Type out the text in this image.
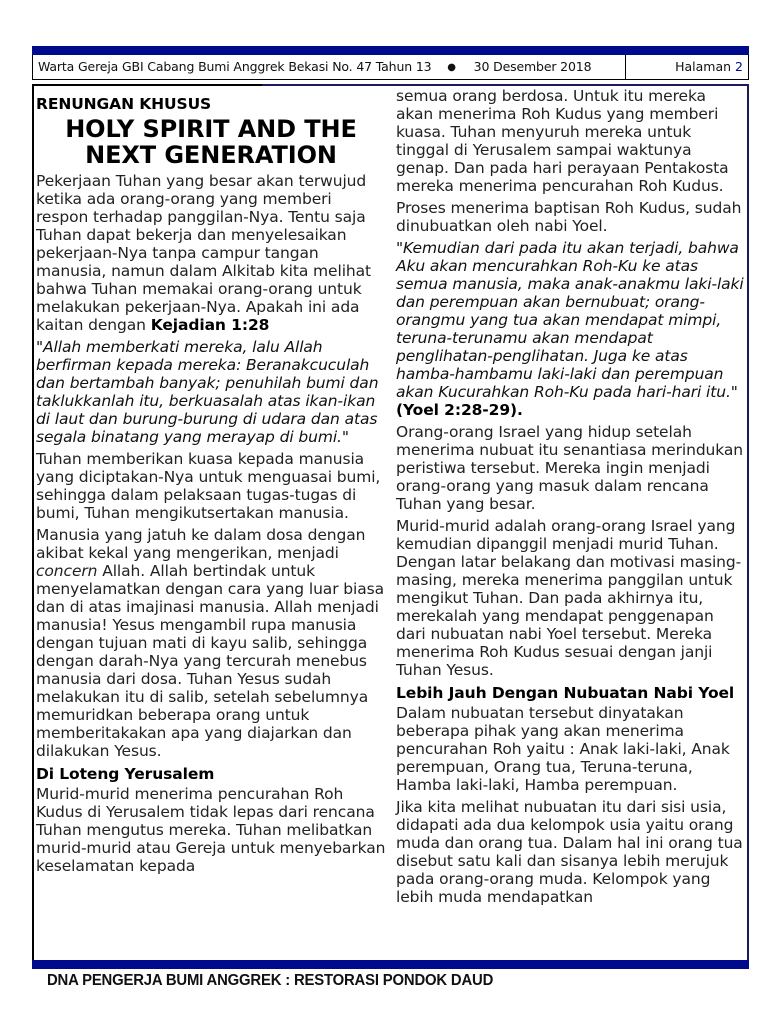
Warta Gereja GBI Cabang Bumi Anggrek Bekasi No. 47 Tahun 13 ● 30 Desember 2018	Halaman 2
RENUNGAN KHUSUS
HOLY SPIRIT AND THE
NEXT GENERATION

Pekerjaan Tuhan yang besar akan terwujud ketika ada orang-orang yang memberi respon terhadap panggilan-Nya. Tentu saja Tuhan dapat bekerja dan menyelesaikan pekerjaan-Nya tanpa campur tangan manusia, namun dalam Alkitab kita melihat bahwa Tuhan memakai orang-orang untuk melakukan pekerjaan-Nya. Apakah ini ada kaitan dengan Kejadian 1:28

"Allah memberkati mereka, lalu Allah berfirman kepada mereka: Beranakcuculah dan bertambah banyak; penuhilah bumi dan taklukkanlah itu, berkuasalah atas ikan-ikan di laut dan burung-burung di udara dan atas segala binatang yang merayap di bumi."

Tuhan memberikan kuasa kepada manusia yang diciptakan-Nya untuk menguasai bumi, sehingga dalam pelaksaan tugas-tugas di bumi, Tuhan mengikutsertakan manusia.

Manusia yang jatuh ke dalam dosa dengan akibat kekal yang mengerikan, menjadi concern Allah. Allah bertindak untuk menyelamatkan dengan cara yang luar biasa dan di atas imajinasi manusia. Allah menjadi manusia! Yesus mengambil rupa manusia dengan tujuan mati di kayu salib, sehingga dengan darah-Nya yang tercurah menebus manusia dari dosa. Tuhan Yesus sudah melakukan itu di salib, setelah sebelumnya memuridkan beberapa orang untuk memberitakakan apa yang diajarkan dan dilakukan Yesus.

Di Loteng Yerusalem

Murid-murid menerima pencurahan Roh Kudus di Yerusalem tidak lepas dari rencana Tuhan mengutus mereka. Tuhan melibatkan murid-murid atau Gereja untuk menyebarkan keselamatan kepada

semua orang berdosa. Untuk itu mereka akan menerima Roh Kudus yang memberi kuasa. Tuhan menyuruh mereka untuk tinggal di Yerusalem sampai waktunya genap. Dan pada hari perayaan Pentakosta mereka menerima pencurahan Roh Kudus.

Proses menerima baptisan Roh Kudus, sudah dinubuatkan oleh nabi Yoel.

"Kemudian dari pada itu akan terjadi, bahwa Aku akan mencurahkan Roh-Ku ke atas semua manusia, maka anak-anakmu laki-laki dan perempuan akan bernubuat; orang-orangmu yang tua akan mendapat mimpi, teruna-terunamu akan mendapat penglihatan-penglihatan. Juga ke atas hamba-hambamu laki-laki dan perempuan akan Kucurahkan Roh-Ku pada hari-hari itu." (Yoel 2:28-29).

Orang-orang Israel yang hidup setelah menerima nubuat itu senantiasa merindukan peristiwa tersebut. Mereka ingin menjadi orang-orang yang masuk dalam rencana Tuhan yang besar.

Murid-murid adalah orang-orang Israel yang kemudian dipanggil menjadi murid Tuhan. Dengan latar belakang dan motivasi masing-masing, mereka menerima panggilan untuk mengikut Tuhan. Dan pada akhirnya itu, merekalah yang mendapat penggenapan dari nubuatan nabi Yoel tersebut. Mereka menerima Roh Kudus sesuai dengan janji Tuhan Yesus.

Lebih Jauh Dengan Nubuatan Nabi Yoel

Dalam nubuatan tersebut dinyatakan beberapa pihak yang akan menerima pencurahan Roh yaitu : Anak laki-laki, Anak perempuan, Orang tua, Teruna-teruna, Hamba laki-laki, Hamba perempuan.

Jika kita melihat nubuatan itu dari sisi usia, didapati ada dua kelompok usia yaitu orang muda dan orang tua. Dalam hal ini orang tua disebut satu kali dan sisanya lebih merujuk pada orang-orang muda. Kelompok yang lebih muda mendapatkan

DNA PENGERJA BUMI ANGGREK : RESTORASI PONDOK DAUD
